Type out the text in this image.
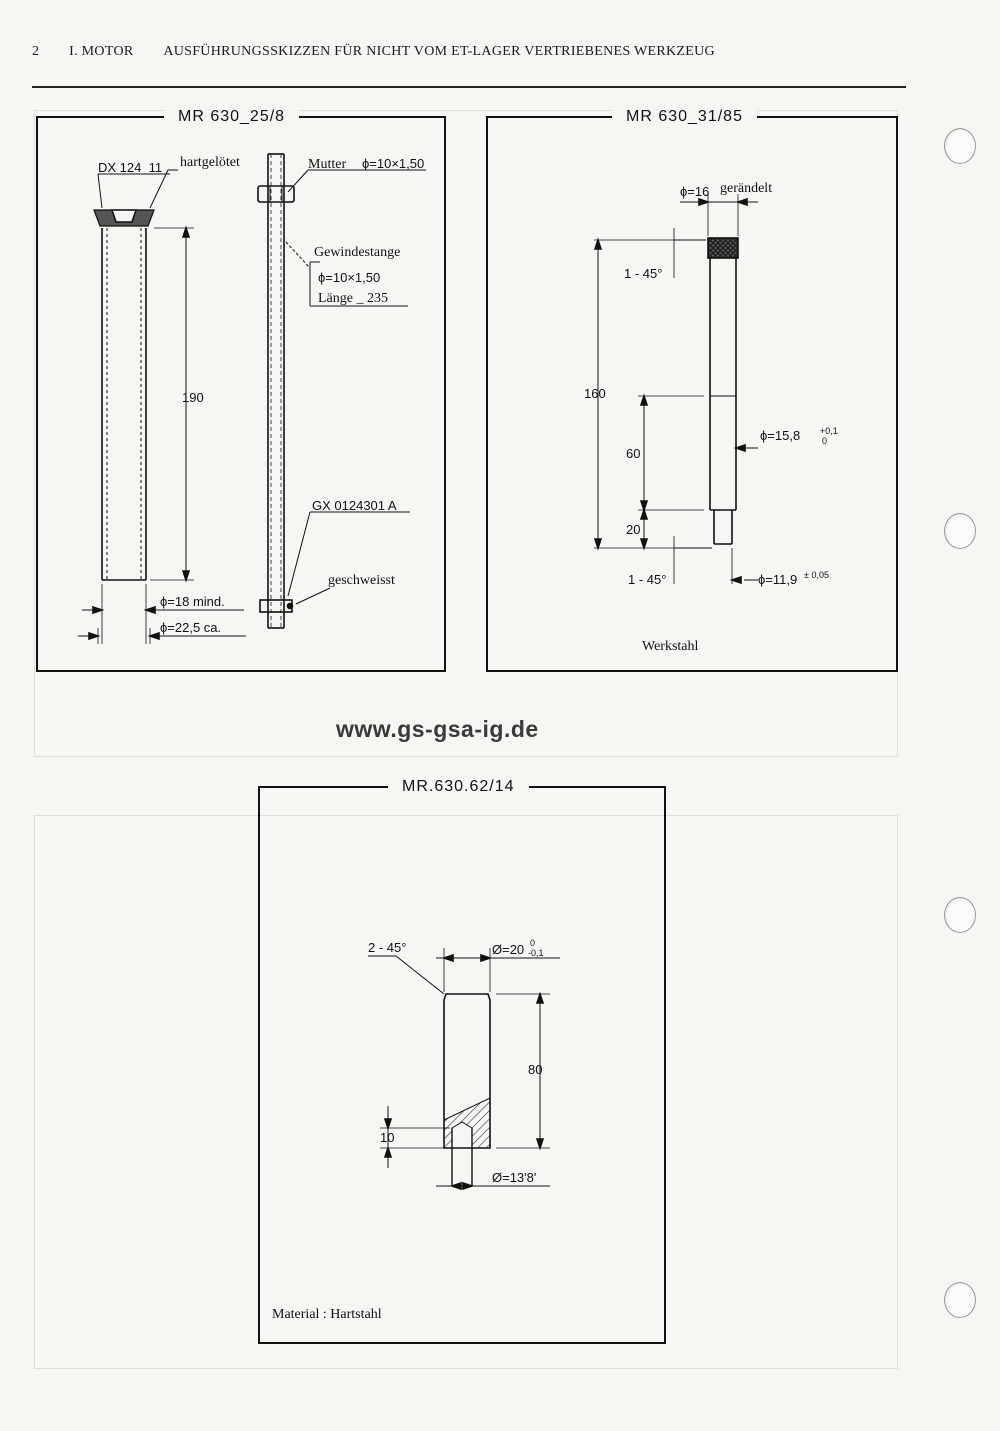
2 I. MOTOR AUSFÜHRUNGSSKIZZEN FÜR NICHT VOM ET-LAGER VERTRIEBENES WERKZEUG
DX 124_11 hartgelötet	Mutter ϕ=10×1,50
Gewindestange
ϕ=10×1,50
Länge _ 235
190
GX 0124301 A
geschweisst
ϕ=18 mind.
ϕ=22,5 ca.
MR 630_25/8
ϕ=16 gerändelt
1 - 45°
160
60
20
ϕ=15,8 +0,1
0
1 - 45°	ϕ=11,9 ± 0,05
Werkstahl
MR 630_31/85
www.gs-gsa-ig.de
2 - 45°	Ø=20 0
-0,1
80
10
Ø=13'8'
Material : Hartstahl
MR.630.62/14
